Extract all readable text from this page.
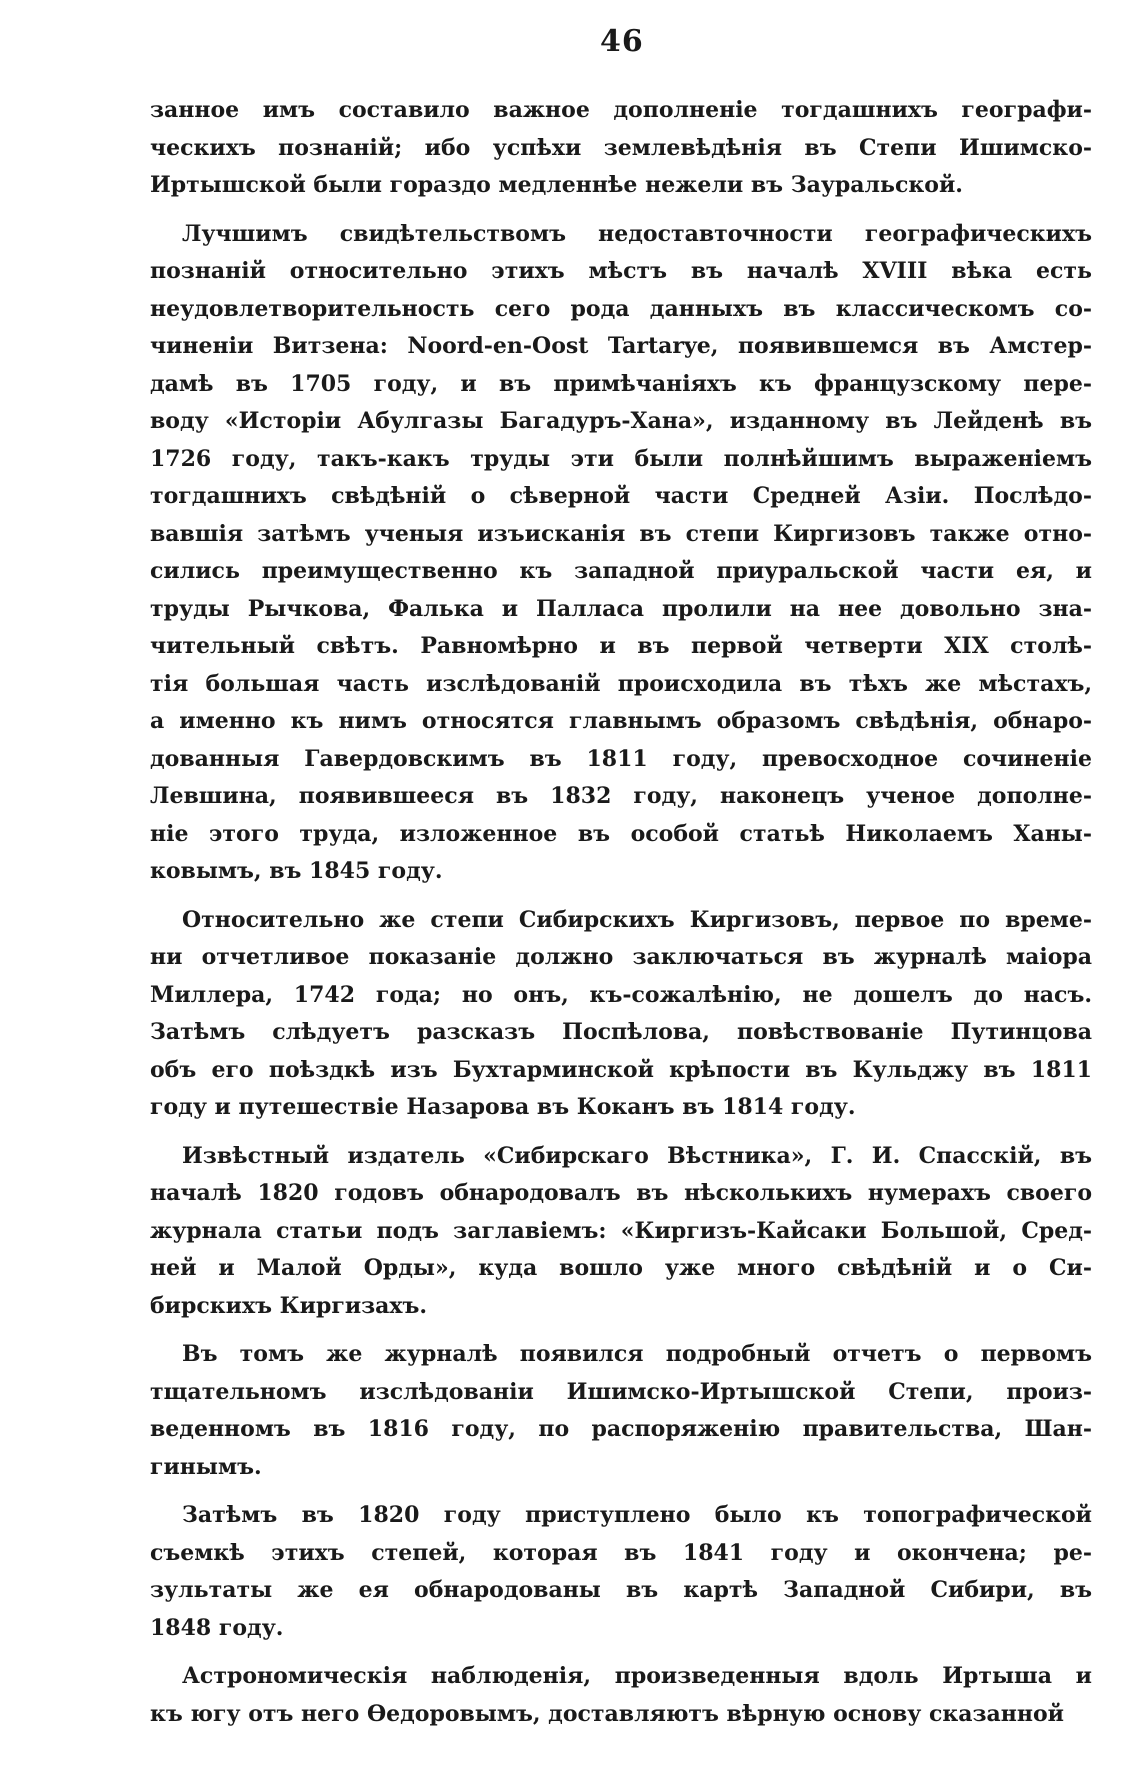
46
занное имъ составило важное дополненіе тогдашнихъ географи-
ческихъ познаній; ибо успѣхи землевѣдѣнія въ Степи Ишимско-
Иртышской были гораздо медленнѣе нежели въ Зауральской.
Лучшимъ свидѣтельствомъ недоставточности географическихъ
познаній относительно этихъ мѣстъ въ началѣ XVIII вѣка есть
неудовлетворительность сего рода данныхъ въ классическомъ со-
чиненіи Витзена: Noord-en-Oost Tartarye, появившемся въ Амстер-
дамѣ въ 1705 году, и въ примѣчаніяхъ къ французскому пере-
воду «Исторіи Абулгазы Багадуръ-Хана», изданному въ Лейденѣ въ
1726 году, такъ-какъ труды эти были полнѣйшимъ выраженіемъ
тогдашнихъ свѣдѣній о сѣверной части Средней Азіи. Послѣдо-
вавшія затѣмъ ученыя изъисканія въ степи Киргизовъ также отно-
сились преимущественно къ западной приуральской части ея, и
труды Рычкова, Фалька и Палласа пролили на нее довольно зна-
чительный свѣтъ. Равномѣрно и въ первой четверти XIX столѣ-
тія большая часть изслѣдованій происходила въ тѣхъ же мѣстахъ,
а именно къ нимъ относятся главнымъ образомъ свѣдѣнія, обнаро-
дованныя Гавердовскимъ въ 1811 году, превосходное сочиненіе
Левшина, появившееся въ 1832 году, наконецъ ученое дополне-
ніе этого труда, изложенное въ особой статьѣ Николаемъ Ханы-
ковымъ, въ 1845 году.
Относительно же степи Сибирскихъ Киргизовъ, первое по време-
ни отчетливое показаніе должно заключаться въ журналѣ маіора
Миллера, 1742 года; но онъ, къ-сожалѣнію, не дошелъ до насъ.
Затѣмъ слѣдуетъ разсказъ Поспѣлова, повѣствованіе Путинцова
объ его поѣздкѣ изъ Бухтарминской крѣпости въ Кульджу въ 1811
году и путешествіе Назарова въ Коканъ въ 1814 году.
Извѣстный издатель «Сибирскаго Вѣстника», Г. И. Спасскій, въ
началѣ 1820 годовъ обнародовалъ въ нѣсколькихъ нумерахъ своего
журнала статьи подъ заглавіемъ: «Киргизъ-Кайсаки Большой, Сред-
ней и Малой Орды», куда вошло уже много свѣдѣній и о Си-
бирскихъ Киргизахъ.
Въ томъ же журналѣ появился подробный отчетъ о первомъ
тщательномъ изслѣдованіи Ишимско-Иртышской Степи, произ-
веденномъ въ 1816 году, по распоряженію правительства, Шан-
гинымъ.
Затѣмъ въ 1820 году приступлено было къ топографической
съемкѣ этихъ степей, которая въ 1841 году и окончена; ре-
зультаты же ея обнародованы въ картѣ Западной Сибири, въ
1848 году.
Астрономическія наблюденія, произведенныя вдоль Иртыша и
къ югу отъ него Ѳедоровымъ, доставляютъ вѣрную основу сказанной
